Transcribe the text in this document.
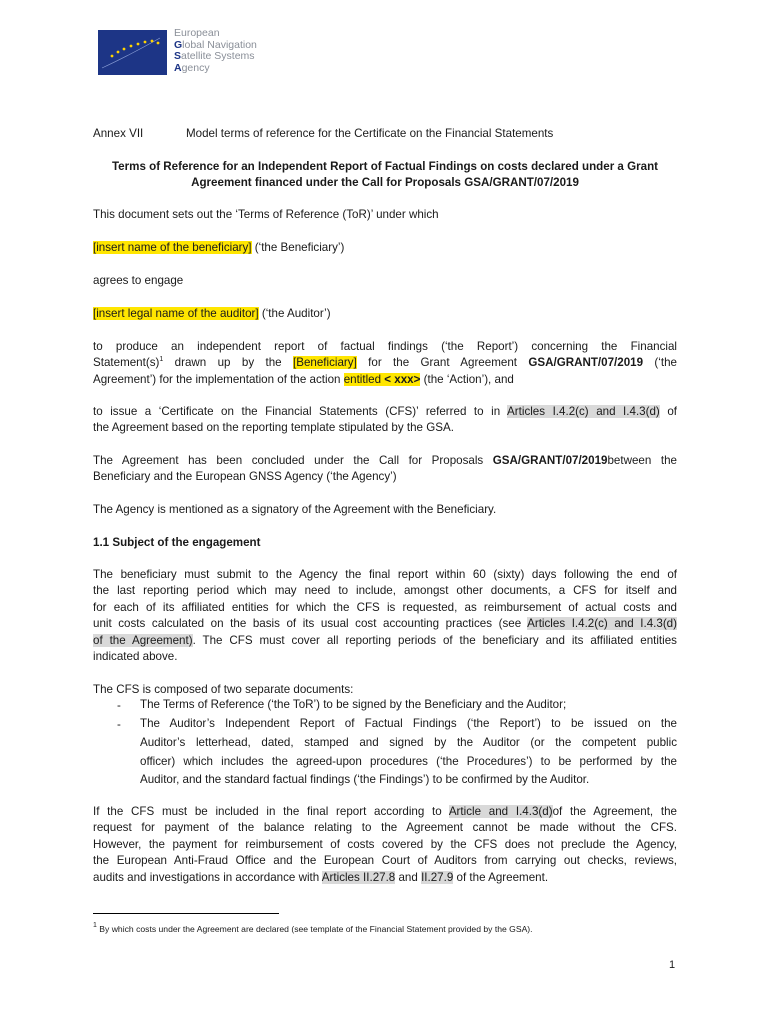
European
Global Navigation
Satellite Systems
Agency
Annex VII	Model terms of reference for the Certificate on the Financial Statements
Terms of Reference for an Independent Report of Factual Findings on costs declared under a Grant
Agreement financed under the Call for Proposals GSA/GRANT/07/2019

This document sets out the ‘Terms of Reference (ToR)’ under which

[insert name of the beneficiary] (‘the Beneficiary’)

agrees to engage

[insert legal name of the auditor] (‘the Auditor’)

to produce an independent report of factual findings (‘the Report’) concerning the Financial
$Statement(s)^1$ drawn up by the [Beneficiary] for the Grant Agreement GSA/GRANT/07/2019 (‘the
Agreement’) for the implementation of the action entitled < xxx> (the ‘Action’), and
to issue a ‘Certificate on the Financial Statements (CFS)’ referred to in Articles I.4.2(c) and I.4.3(d) of
the Agreement based on the reporting template stipulated by the GSA.
The Agreement has been concluded under the Call for Proposals GSA/GRANT/07/2019between the
Beneficiary and the European GNSS Agency (‘the Agency’)

The Agency is mentioned as a signatory of the Agreement with the Beneficiary.

1.1 Subject of the engagement

The beneficiary must submit to the Agency the final report within 60 (sixty) days following the end of
the last reporting period which may need to include, amongst other documents, a CFS for itself and
for each of its affiliated entities for which the CFS is requested, as reimbursement of actual costs and
unit costs calculated on the basis of its usual cost accounting practices (see Articles I.4.2(c) and I.4.3(d)
of the Agreement). The CFS must cover all reporting periods of the beneficiary and its affiliated entities
indicated above.

The CFS is composed of two separate documents:

- The Terms of Reference (‘the ToR’) to be signed by the Beneficiary and the Auditor;
- The Auditor’s Independent Report of Factual Findings (‘the Report’) to be issued on the
Auditor’s letterhead, dated, stamped and signed by the Auditor (or the competent public
officer) which includes the agreed-upon procedures (‘the Procedures’) to be performed by the
Auditor, and the standard factual findings (‘the Findings’) to be confirmed by the Auditor.
If the CFS must be included in the final report according to Article and I.4.3(d)of the Agreement, the
request for payment of the balance relating to the Agreement cannot be made without the CFS.
However, the payment for reimbursement of costs covered by the CFS does not preclude the Agency,
the European Anti-Fraud Office and the European Court of Auditors from carrying out checks, reviews,
audits and investigations in accordance with Articles II.27.8 and II.27.9 of the Agreement.
$^1$ By which costs under the Agreement are declared (see template of the Financial Statement provided by the GSA).
1
